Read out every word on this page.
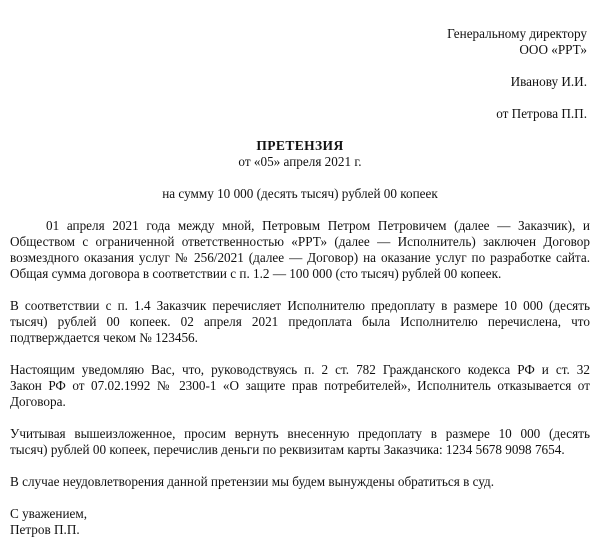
Генеральному директору
ООО «РРТ»
Иванову И.И.
от Петрова П.П.
ПРЕТЕНЗИЯ
от «05» апреля 2021 г.
на сумму 10 000 (десять тысяч) рублей 00 копеек
01 апреля 2021 года между мной, Петровым Петром Петровичем (далее — Заказчик), и
Обществом с ограниченной ответственностью «РРТ» (далее — Исполнитель) заключен Договор
возмездного оказания услуг № 256/2021 (далее — Договор) на оказание услуг по разработке сайта.
Общая сумма договора в соответствии с п. 1.2 — 100 000 (сто тысяч) рублей 00 копеек.
В соответствии с п. 1.4 Заказчик перечисляет Исполнителю предоплату в размере 10 000 (десять
тысяч) рублей 00 копеек. 02 апреля 2021 предоплата была Исполнителю перечислена, что
подтверждается чеком № 123456.
Настоящим уведомляю Вас, что, руководствуясь п. 2 ст. 782 Гражданского кодекса РФ и ст. 32
Закон РФ от 07.02.1992 № 2300-1 «О защите прав потребителей», Исполнитель отказывается от
Договора.
Учитывая вышеизложенное, просим вернуть внесенную предоплату в размере 10 000 (десять
тысяч) рублей 00 копеек, перечислив деньги по реквизитам карты Заказчика: 1234 5678 9098 7654.
В случае неудовлетворения данной претензии мы будем вынуждены обратиться в суд.
С уважением,
Петров П.П.
